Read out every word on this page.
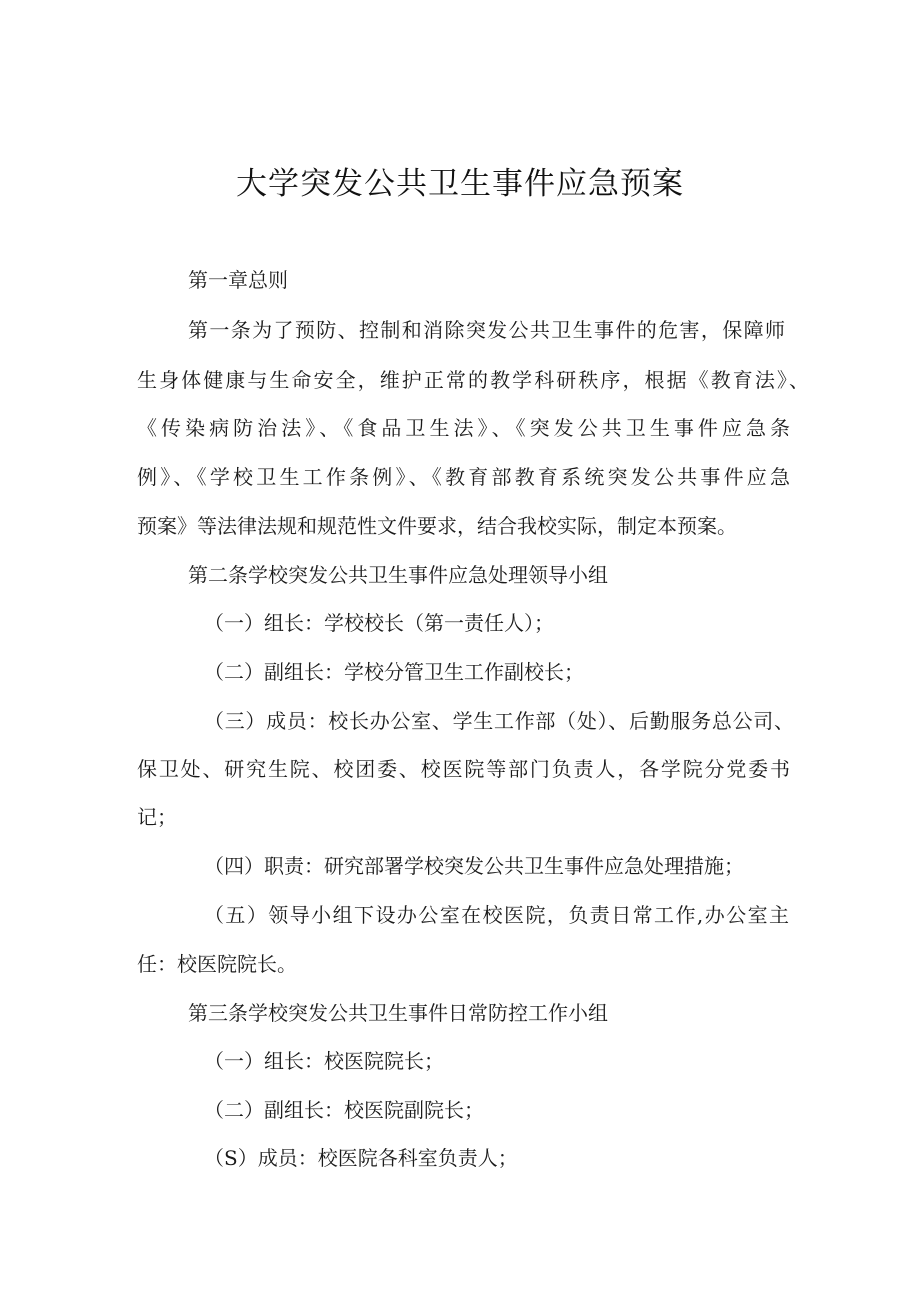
大学突发公共卫生事件应急预案

第一章总则

第一条为了预防、控制和消除突发公共卫生事件的危害，保障师

生身体健康与生命安全，维护正常的教学科研秩序，根据《教育法》、

《传染病防治法》、《食品卫生法》、《突发公共卫生事件应急条

例》、《学校卫生工作条例》、《教育部教育系统突发公共事件应急

预案》等法律法规和规范性文件要求，结合我校实际，制定本预案。

第二条学校突发公共卫生事件应急处理领导小组

（一）组长：学校校长（第一责任人）；

（二）副组长：学校分管卫生工作副校长；

（三）成员：校长办公室、学生工作部（处）、后勤服务总公司、

保卫处、研究生院、校团委、校医院等部门负责人，各学院分党委书

记；

（四）职责：研究部署学校突发公共卫生事件应急处理措施；

（五）领导小组下设办公室在校医院，负责日常工作,办公室主

任：校医院院长。

第三条学校突发公共卫生事件日常防控工作小组

（一）组长：校医院院长；

（二）副组长：校医院副院长；

（S）成员：校医院各科室负责人；
